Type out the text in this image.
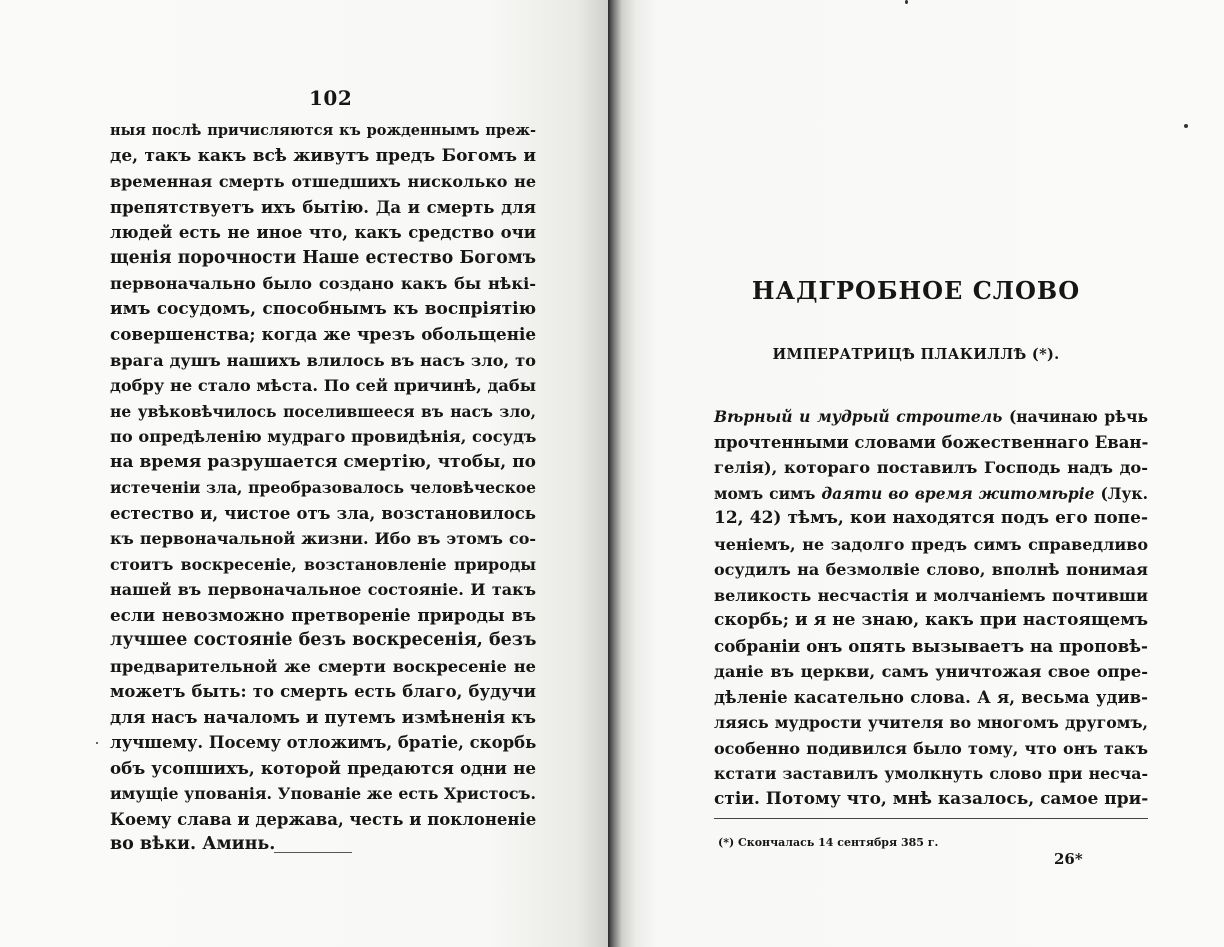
102
ныя послѣ причисляются къ рожденнымъ преж-
де, такъ какъ всѣ живутъ предъ Богомъ и
временная смерть отшедшихъ нисколько не
препятствуетъ ихъ бытію. Да и смерть для
людей есть не иное что, какъ средство очи
щенія порочности Наше естество Богомъ
первоначально было создано какъ бы нѣкі-
имъ сосудомъ, способнымъ къ воспріятію
совершенства; когда же чрезъ обольщеніе
врага душъ нашихъ влилось въ насъ зло, то
добру не стало мѣста. По сей причинѣ, дабы
не увѣковѣчилось поселившееся въ насъ зло,
по опредѣленію мудраго провидѣнія, сосудъ
на время разрушается смертію, чтобы, по
истеченіи зла, преобразовалось человѣческое
естество и, чистое отъ зла, возстановилось
къ первоначальной жизни. Ибо въ этомъ со-
стоитъ воскресеніе, возстановленіе природы
нашей въ первоначальное состояніе. И такъ
если невозможно претвореніе природы въ
лучшее состояніе безъ воскресенія, безъ
предварительной же смерти воскресеніе не
можетъ быть: то смерть есть благо, будучи
для насъ началомъ и путемъ измѣненія къ
лучшему. Посему отложимъ, братіе, скорбь
объ усопшихъ, которой предаются одни не
имущіе упованія. Упованіе же есть Христосъ.
Коему слава и держава, честь и поклоненіе
во вѣки. Аминь.
НАДГРОБНОЕ СЛОВО
ИМПЕРАТРИЦѢ ПЛАКИЛЛѢ (*).
Вѣрный и мудрый строитель (начинаю рѣчь
прочтенными словами божественнаго Еван-
гелія), котораго поставилъ Господь надъ до-
момъ симъ даяти во время житомѣріе (Лук.
12, 42) тѣмъ, кои находятся подъ его попе-
ченіемъ, не задолго предъ симъ справедливо
осудилъ на безмолвіе слово, вполнѣ понимая
великость несчастія и молчаніемъ почтивши
скорбь; и я не знаю, какъ при настоящемъ
собраніи онъ опять вызываетъ на проповѣ-
даніе въ церкви, самъ уничтожая свое опре-
дѣленіе касательно слова. А я, весьма удив-
ляясь мудрости учителя во многомъ другомъ,
особенно подивился было тому, что онъ такъ
кстати заставилъ умолкнуть слово при несча-
стіи. Потому что, мнѣ казалось, самое при-
(*) Скончалась 14 сентября 385 г.
26*
